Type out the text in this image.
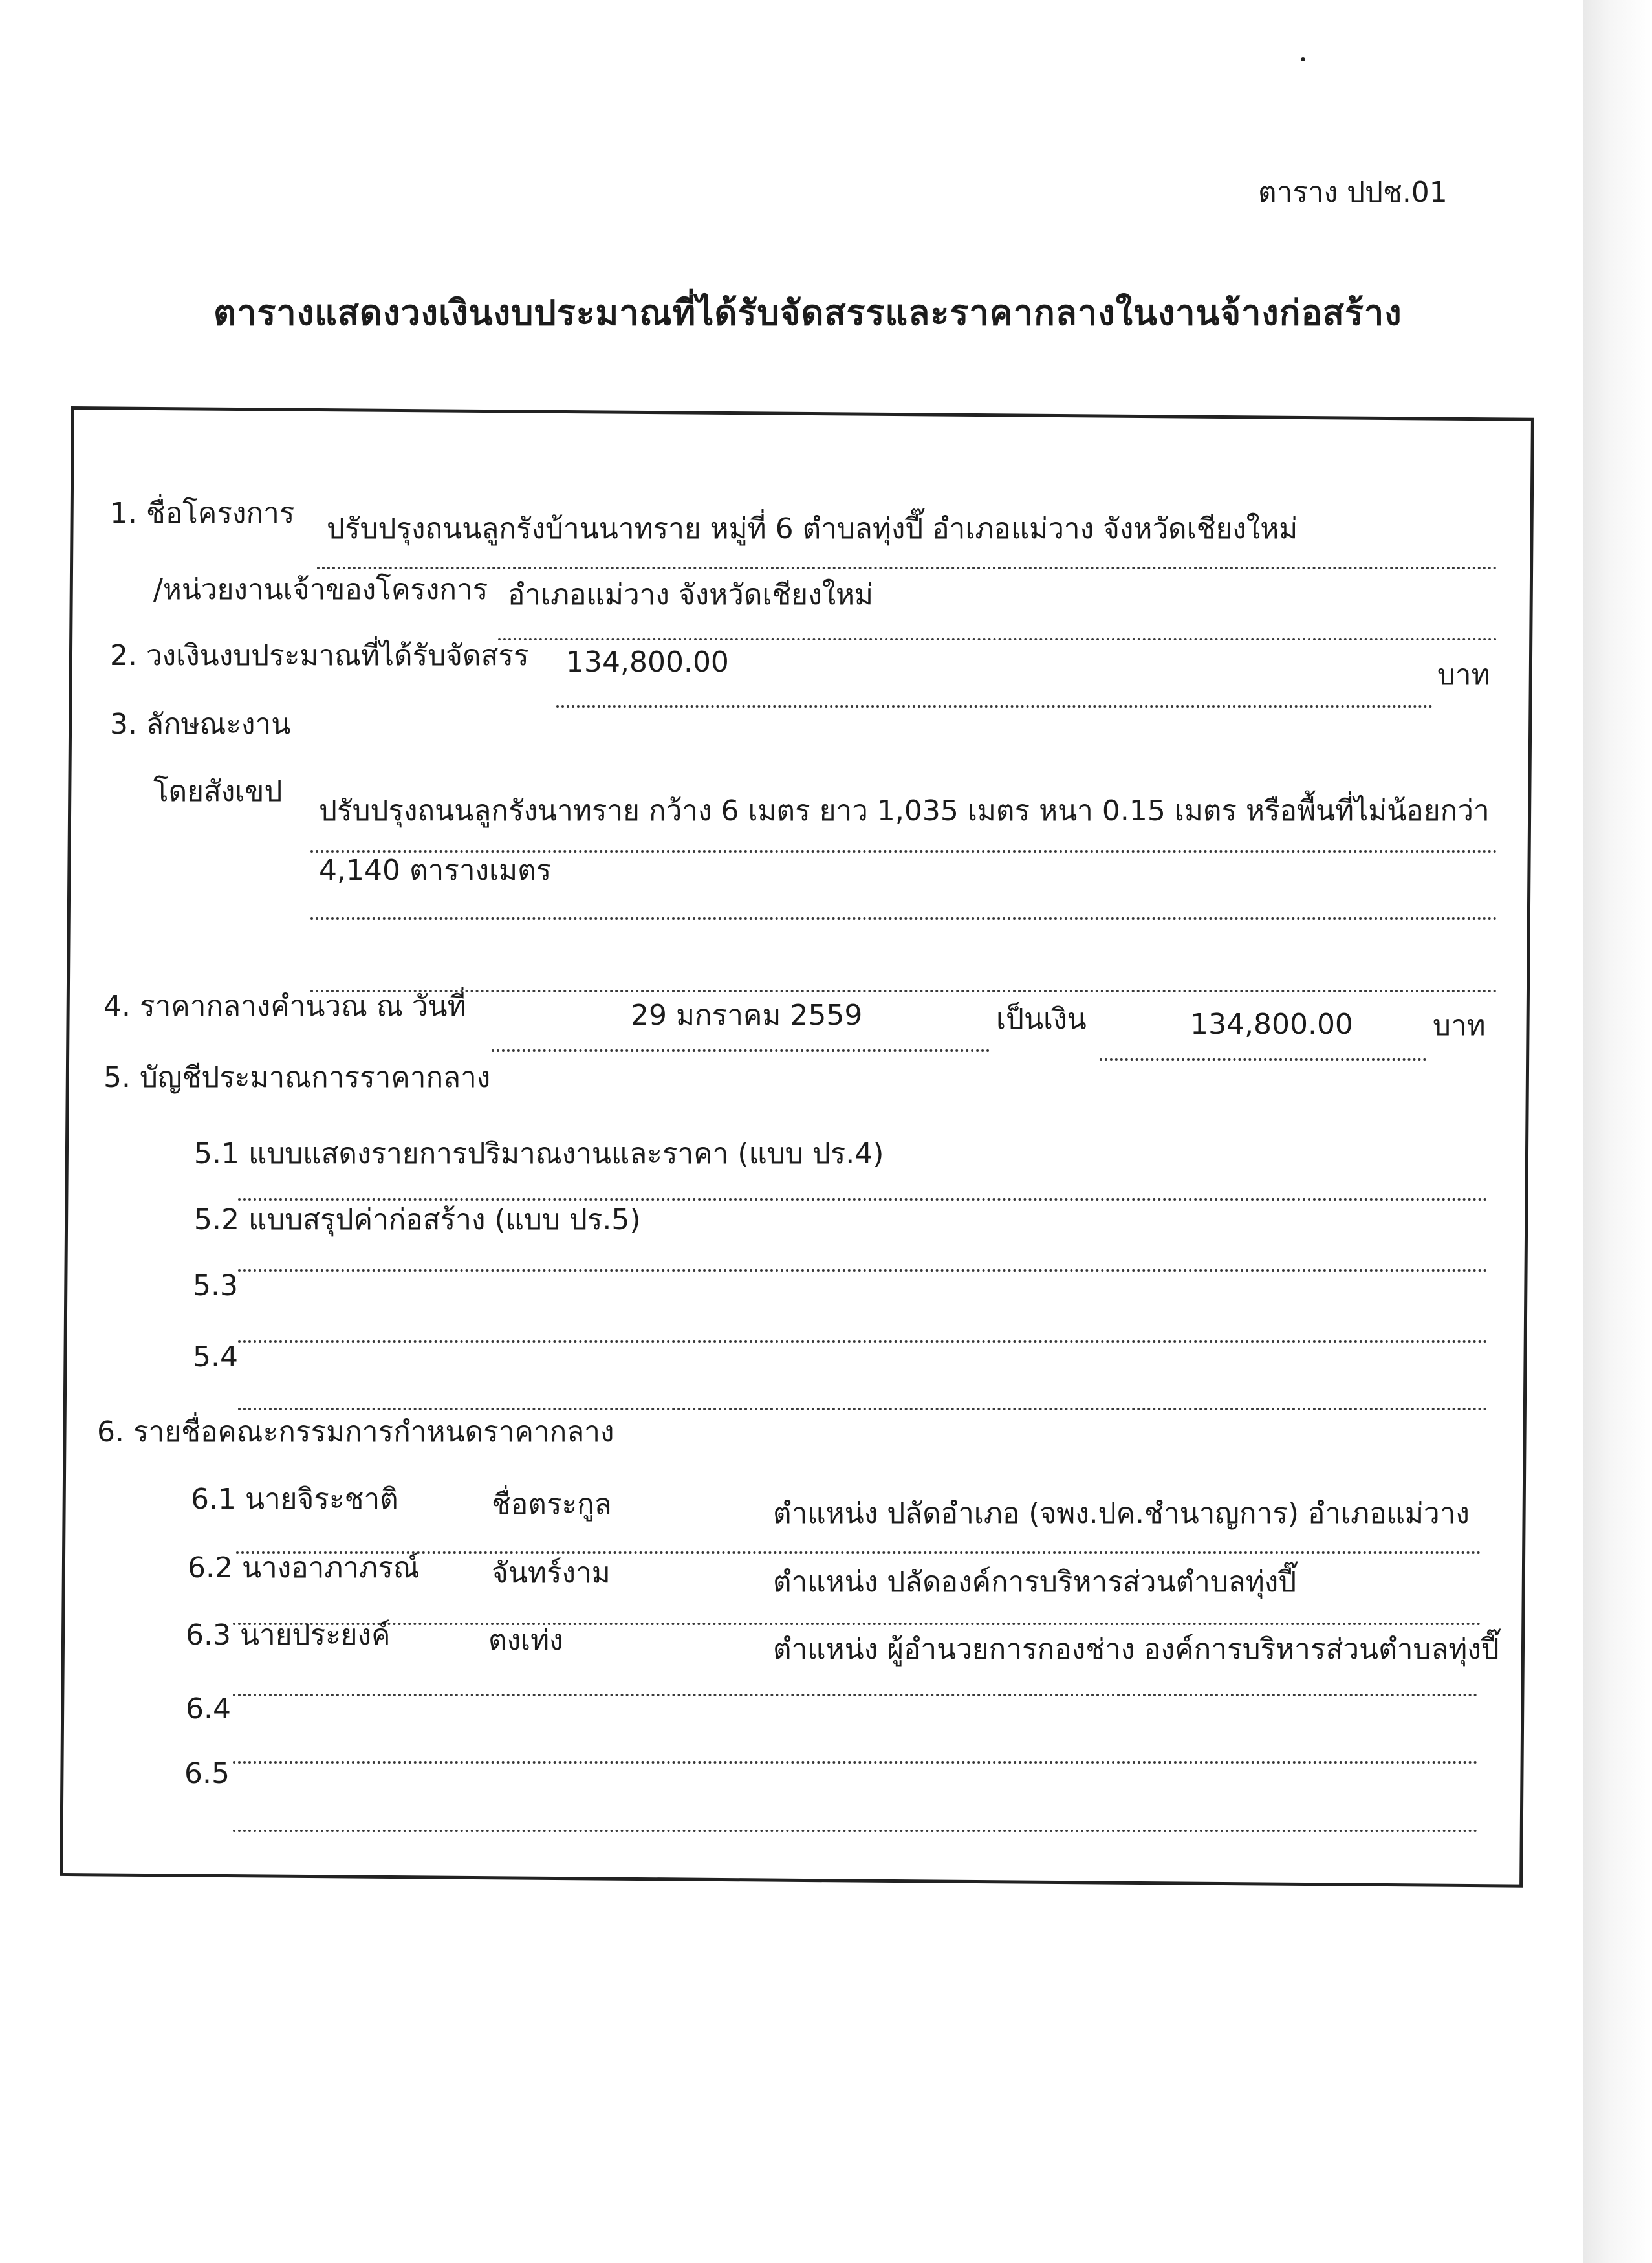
ตาราง ปปช.01
ตารางแสดงวงเงินงบประมาณที่ได้รับจัดสรรและราคากลางในงานจ้างก่อสร้าง
1. ชื่อโครงการ ปรับปรุงถนนลูกรังบ้านนาทราย หมู่ที่ 6 ตำบลทุ่งปี๊ อำเภอแม่วาง จังหวัดเชียงใหม่
/หน่วยงานเจ้าของโครงการ อำเภอแม่วาง จังหวัดเชียงใหม่
2. วงเงินงบประมาณที่ได้รับจัดสรร 134,800.00	บาท
3. ลักษณะงาน
โดยสังเขป
ปรับปรุงถนนลูกรังนาทราย กว้าง 6 เมตร ยาว 1,035 เมตร หนา 0.15 เมตร หรือพื้นที่ไม่น้อยกว่า
4,140 ตารางเมตร
4. ราคากลางคำนวณ ณ วันที่	29 มกราคม 2559	เป็นเงิน	134,800.00	บาท
5. บัญชีประมาณการราคากลาง
5.1 แบบแสดงรายการปริมาณงานและราคา (แบบ ปร.4)
5.2 แบบสรุปค่าก่อสร้าง (แบบ ปร.5)
5.3
5.4
6. รายชื่อคณะกรรมการกำหนดราคากลาง
6.1 นายจิระชาติ	ชื่อตระกูล	ตำแหน่ง ปลัดอำเภอ (จพง.ปค.ชำนาญการ) อำเภอแม่วาง
6.2 นางอาภาภรณ์	จันทร์งาม	ตำแหน่ง ปลัดองค์การบริหารส่วนตำบลทุ่งปี๊
6.3 นายประยงค์	ตงเท่ง	ตำแหน่ง ผู้อำนวยการกองช่าง องค์การบริหารส่วนตำบลทุ่งปี๊
6.4
6.5
